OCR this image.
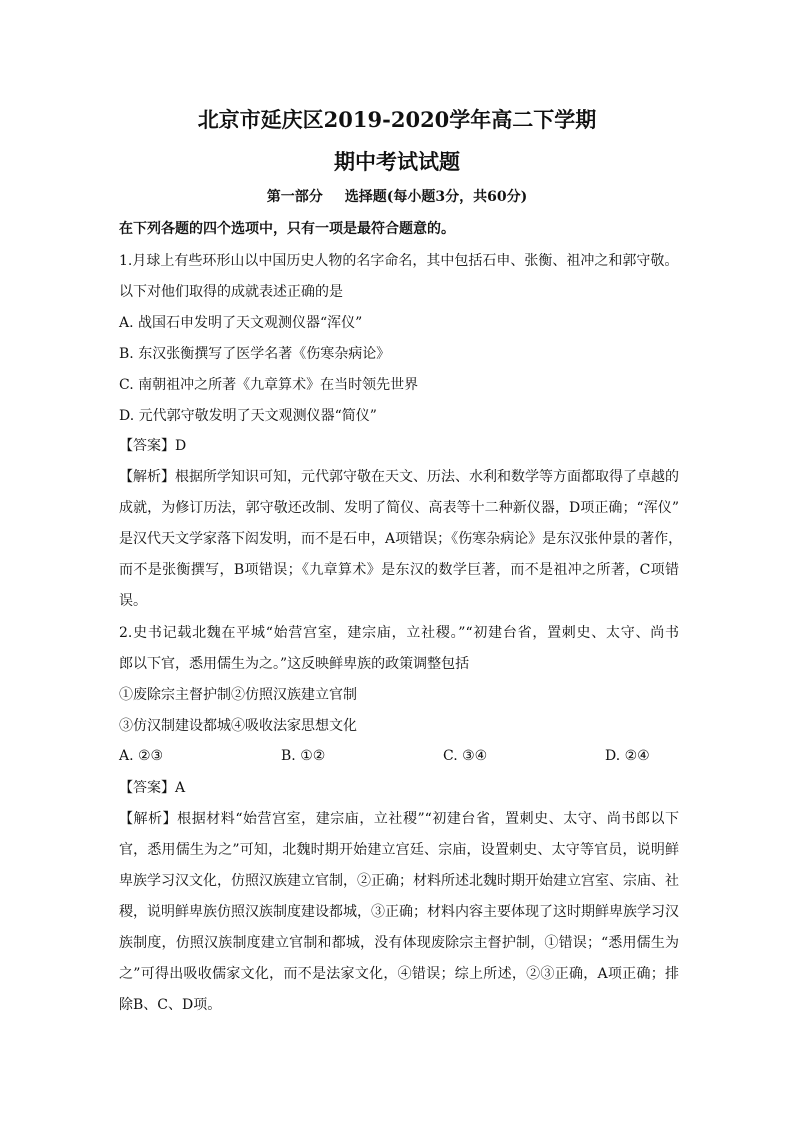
北京市延庆区2019-2020学年高二下学期
期中考试试题
第一部分 选择题(每小题3分，共60分)
在下列各题的四个选项中，只有一项是最符合题意的。
1.月球上有些环形山以中国历史人物的名字命名，其中包括石申、张衡、祖冲之和郭守敬。
以下对他们取得的成就表述正确的是
A. 战国石申发明了天文观测仪器“浑仪”
B. 东汉张衡撰写了医学名著《伤寒杂病论》
C. 南朝祖冲之所著《九章算术》在当时领先世界
D. 元代郭守敬发明了天文观测仪器“简仪”
【答案】D
【解析】根据所学知识可知，元代郭守敬在天文、历法、水利和数学等方面都取得了卓越的
成就，为修订历法，郭守敬还改制、发明了简仪、高表等十二种新仪器，D项正确；“浑仪”
是汉代天文学家落下闳发明，而不是石申，A项错误；《伤寒杂病论》是东汉张仲景的著作，
而不是张衡撰写，B项错误；《九章算术》是东汉的数学巨著，而不是祖冲之所著，C项错
误。
2.史书记载北魏在平城“始营宫室，建宗庙，立社稷。”“初建台省，置刺史、太守、尚书
郎以下官，悉用儒生为之。”这反映鲜卑族的政策调整包括
①废除宗主督护制②仿照汉族建立官制
③仿汉制建设都城④吸收法家思想文化
A. ②③	B. ①②	C. ③④	D. ②④
【答案】A
【解析】根据材料“始营宫室，建宗庙，立社稷”“初建台省，置刺史、太守、尚书郎以下
官，悉用儒生为之”可知，北魏时期开始建立宫廷、宗庙，设置刺史、太守等官员，说明鲜
卑族学习汉文化，仿照汉族建立官制，②正确；材料所述北魏时期开始建立宫室、宗庙、社
稷，说明鲜卑族仿照汉族制度建设都城，③正确；材料内容主要体现了这时期鲜卑族学习汉
族制度，仿照汉族制度建立官制和都城，没有体现废除宗主督护制，①错误；“悉用儒生为
之”可得出吸收儒家文化，而不是法家文化，④错误；综上所述，②③正确，A项正确；排
除B、C、D项。
